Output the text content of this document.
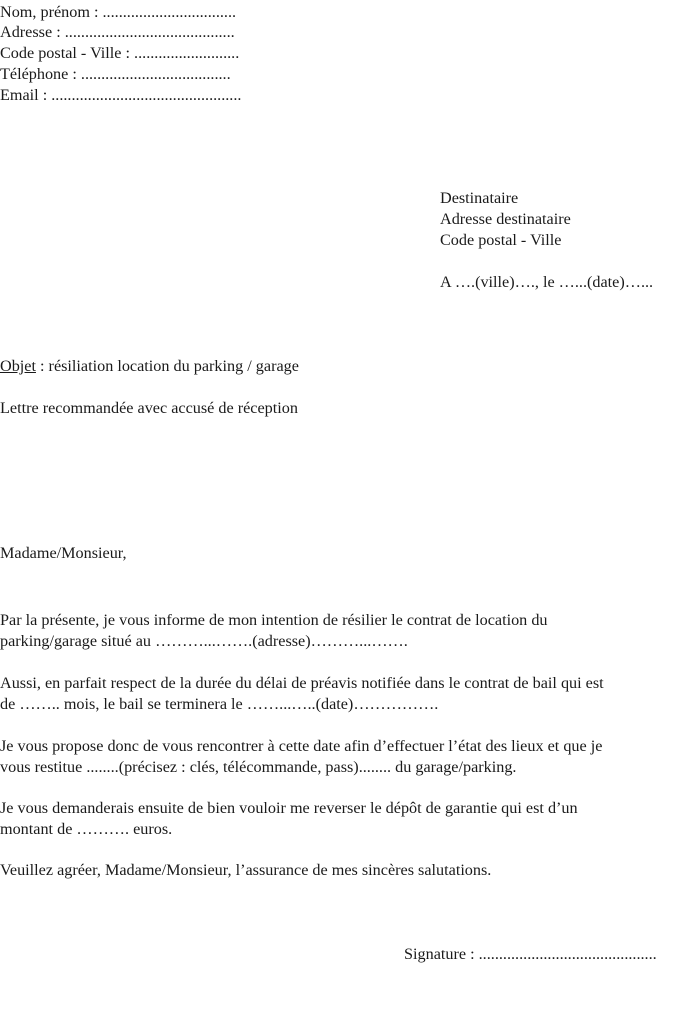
Nom, prénom : .................................
Adresse : ..........................................
Code postal - Ville : ..........................
Téléphone : .....................................
Email : ...............................................
Destinataire
Adresse destinataire
Code postal - Ville
A ….(ville)…., le …...(date)…...
Objet : résiliation location du parking / garage
Lettre recommandée avec accusé de réception
Madame/Monsieur,
Par la présente, je vous informe de mon intention de résilier le contrat de location du
parking/garage situé au ………...…….(adresse)………...…….
Aussi, en parfait respect de la durée du délai de préavis notifiée dans le contrat de bail qui est
de …….. mois, le bail se terminera le ……...…..(date)…………….
Je vous propose donc de vous rencontrer à cette date afin d’effectuer l’état des lieux et que je
vous restitue ........(précisez : clés, télécommande, pass)........ du garage/parking.
Je vous demanderais ensuite de bien vouloir me reverser le dépôt de garantie qui est d’un
montant de ………. euros.
Veuillez agréer, Madame/Monsieur, l’assurance de mes sincères salutations.
Signature : ............................................
